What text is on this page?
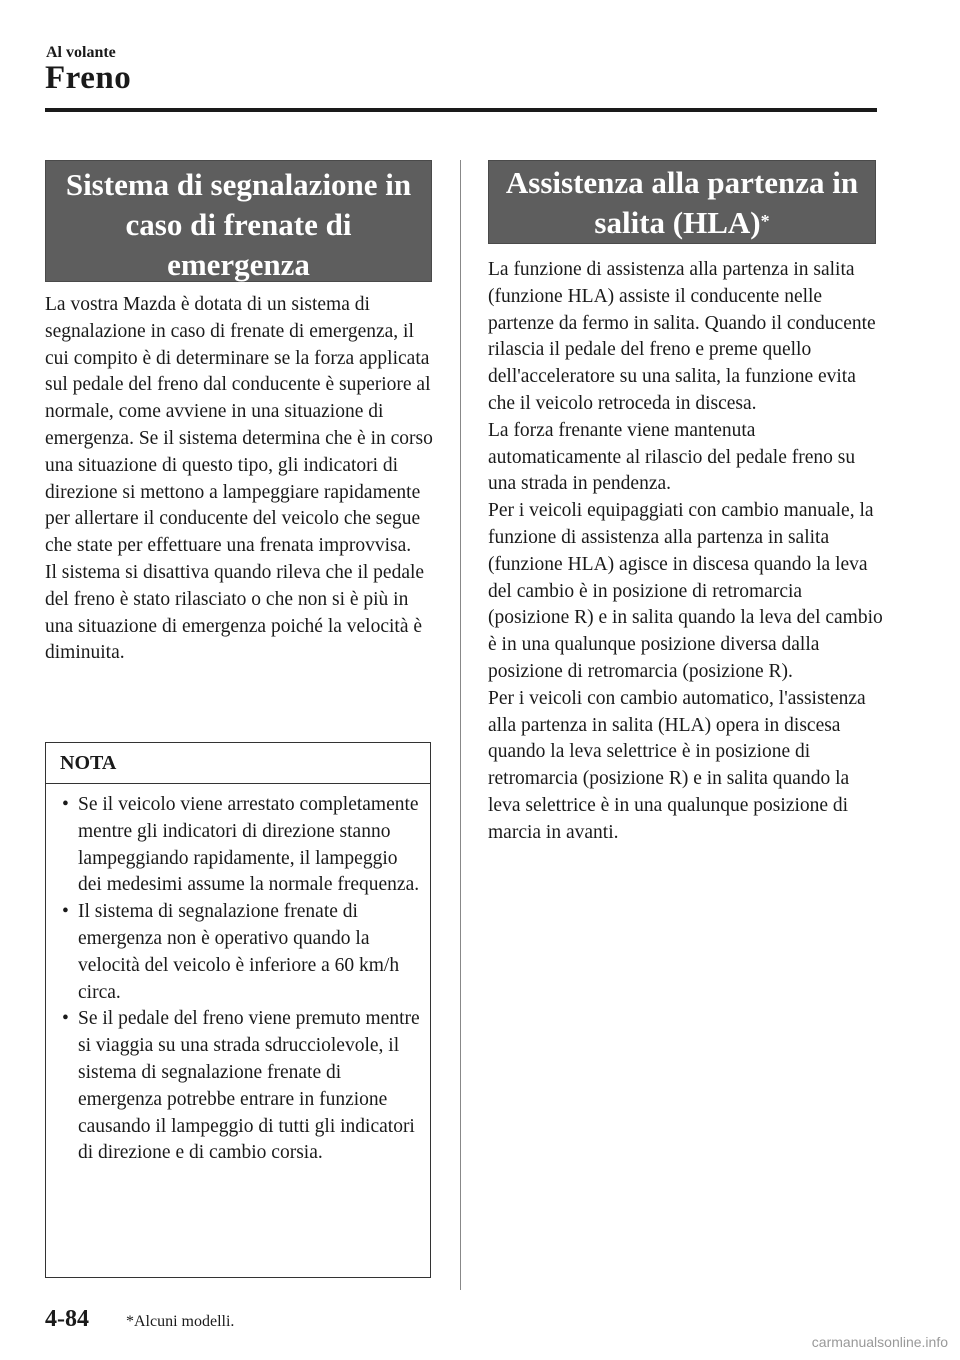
Al volante
Freno
Sistema di segnalazione in
caso di frenate di
emergenza

La vostra Mazda è dotata di un sistema di segnalazione in caso di frenate di emergenza, il cui compito è di determinare se la forza applicata sul pedale del freno dal conducente è superiore al normale, come avviene in una situazione di emergenza. Se il sistema determina che è in corso una situazione di questo tipo, gli indicatori di direzione si mettono a lampeggiare rapidamente per allertare il conducente del veicolo che segue che state per effettuare una frenata improvvisa.

Il sistema si disattiva quando rileva che il pedale del freno è stato rilasciato o che non si è più in una situazione di emergenza poiché la velocità è diminuita.

NOTA
• Se il veicolo viene arrestato completamente mentre gli indicatori di direzione stanno lampeggiando rapidamente, il lampeggio dei medesimi assume la normale frequenza.
• Il sistema di segnalazione frenate di emergenza non è operativo quando la velocità del veicolo è inferiore a 60 km/h circa.
• Se il pedale del freno viene premuto mentre si viaggia su una strada sdrucciolevole, il sistema di segnalazione frenate di emergenza potrebbe entrare in funzione causando il lampeggio di tutti gli indicatori di direzione e di cambio corsia.
Assistenza alla partenza in
salita (HLA)*

La funzione di assistenza alla partenza in salita (funzione HLA) assiste il conducente nelle partenze da fermo in salita. Quando il conducente rilascia il pedale del freno e preme quello dell'acceleratore su una salita, la funzione evita che il veicolo retroceda in discesa.

La forza frenante viene mantenuta automaticamente al rilascio del pedale freno su una strada in pendenza.

Per i veicoli equipaggiati con cambio manuale, la funzione di assistenza alla partenza in salita (funzione HLA) agisce in discesa quando la leva del cambio è in posizione di retromarcia (posizione R) e in salita quando la leva del cambio è in una qualunque posizione diversa dalla posizione di retromarcia (posizione R).

Per i veicoli con cambio automatico, l'assistenza alla partenza in salita (HLA) opera in discesa quando la leva selettrice è in posizione di retromarcia (posizione R) e in salita quando la leva selettrice è in una qualunque posizione di marcia in avanti.

4-84 *Alcuni modelli.
carmanualsonline.info
